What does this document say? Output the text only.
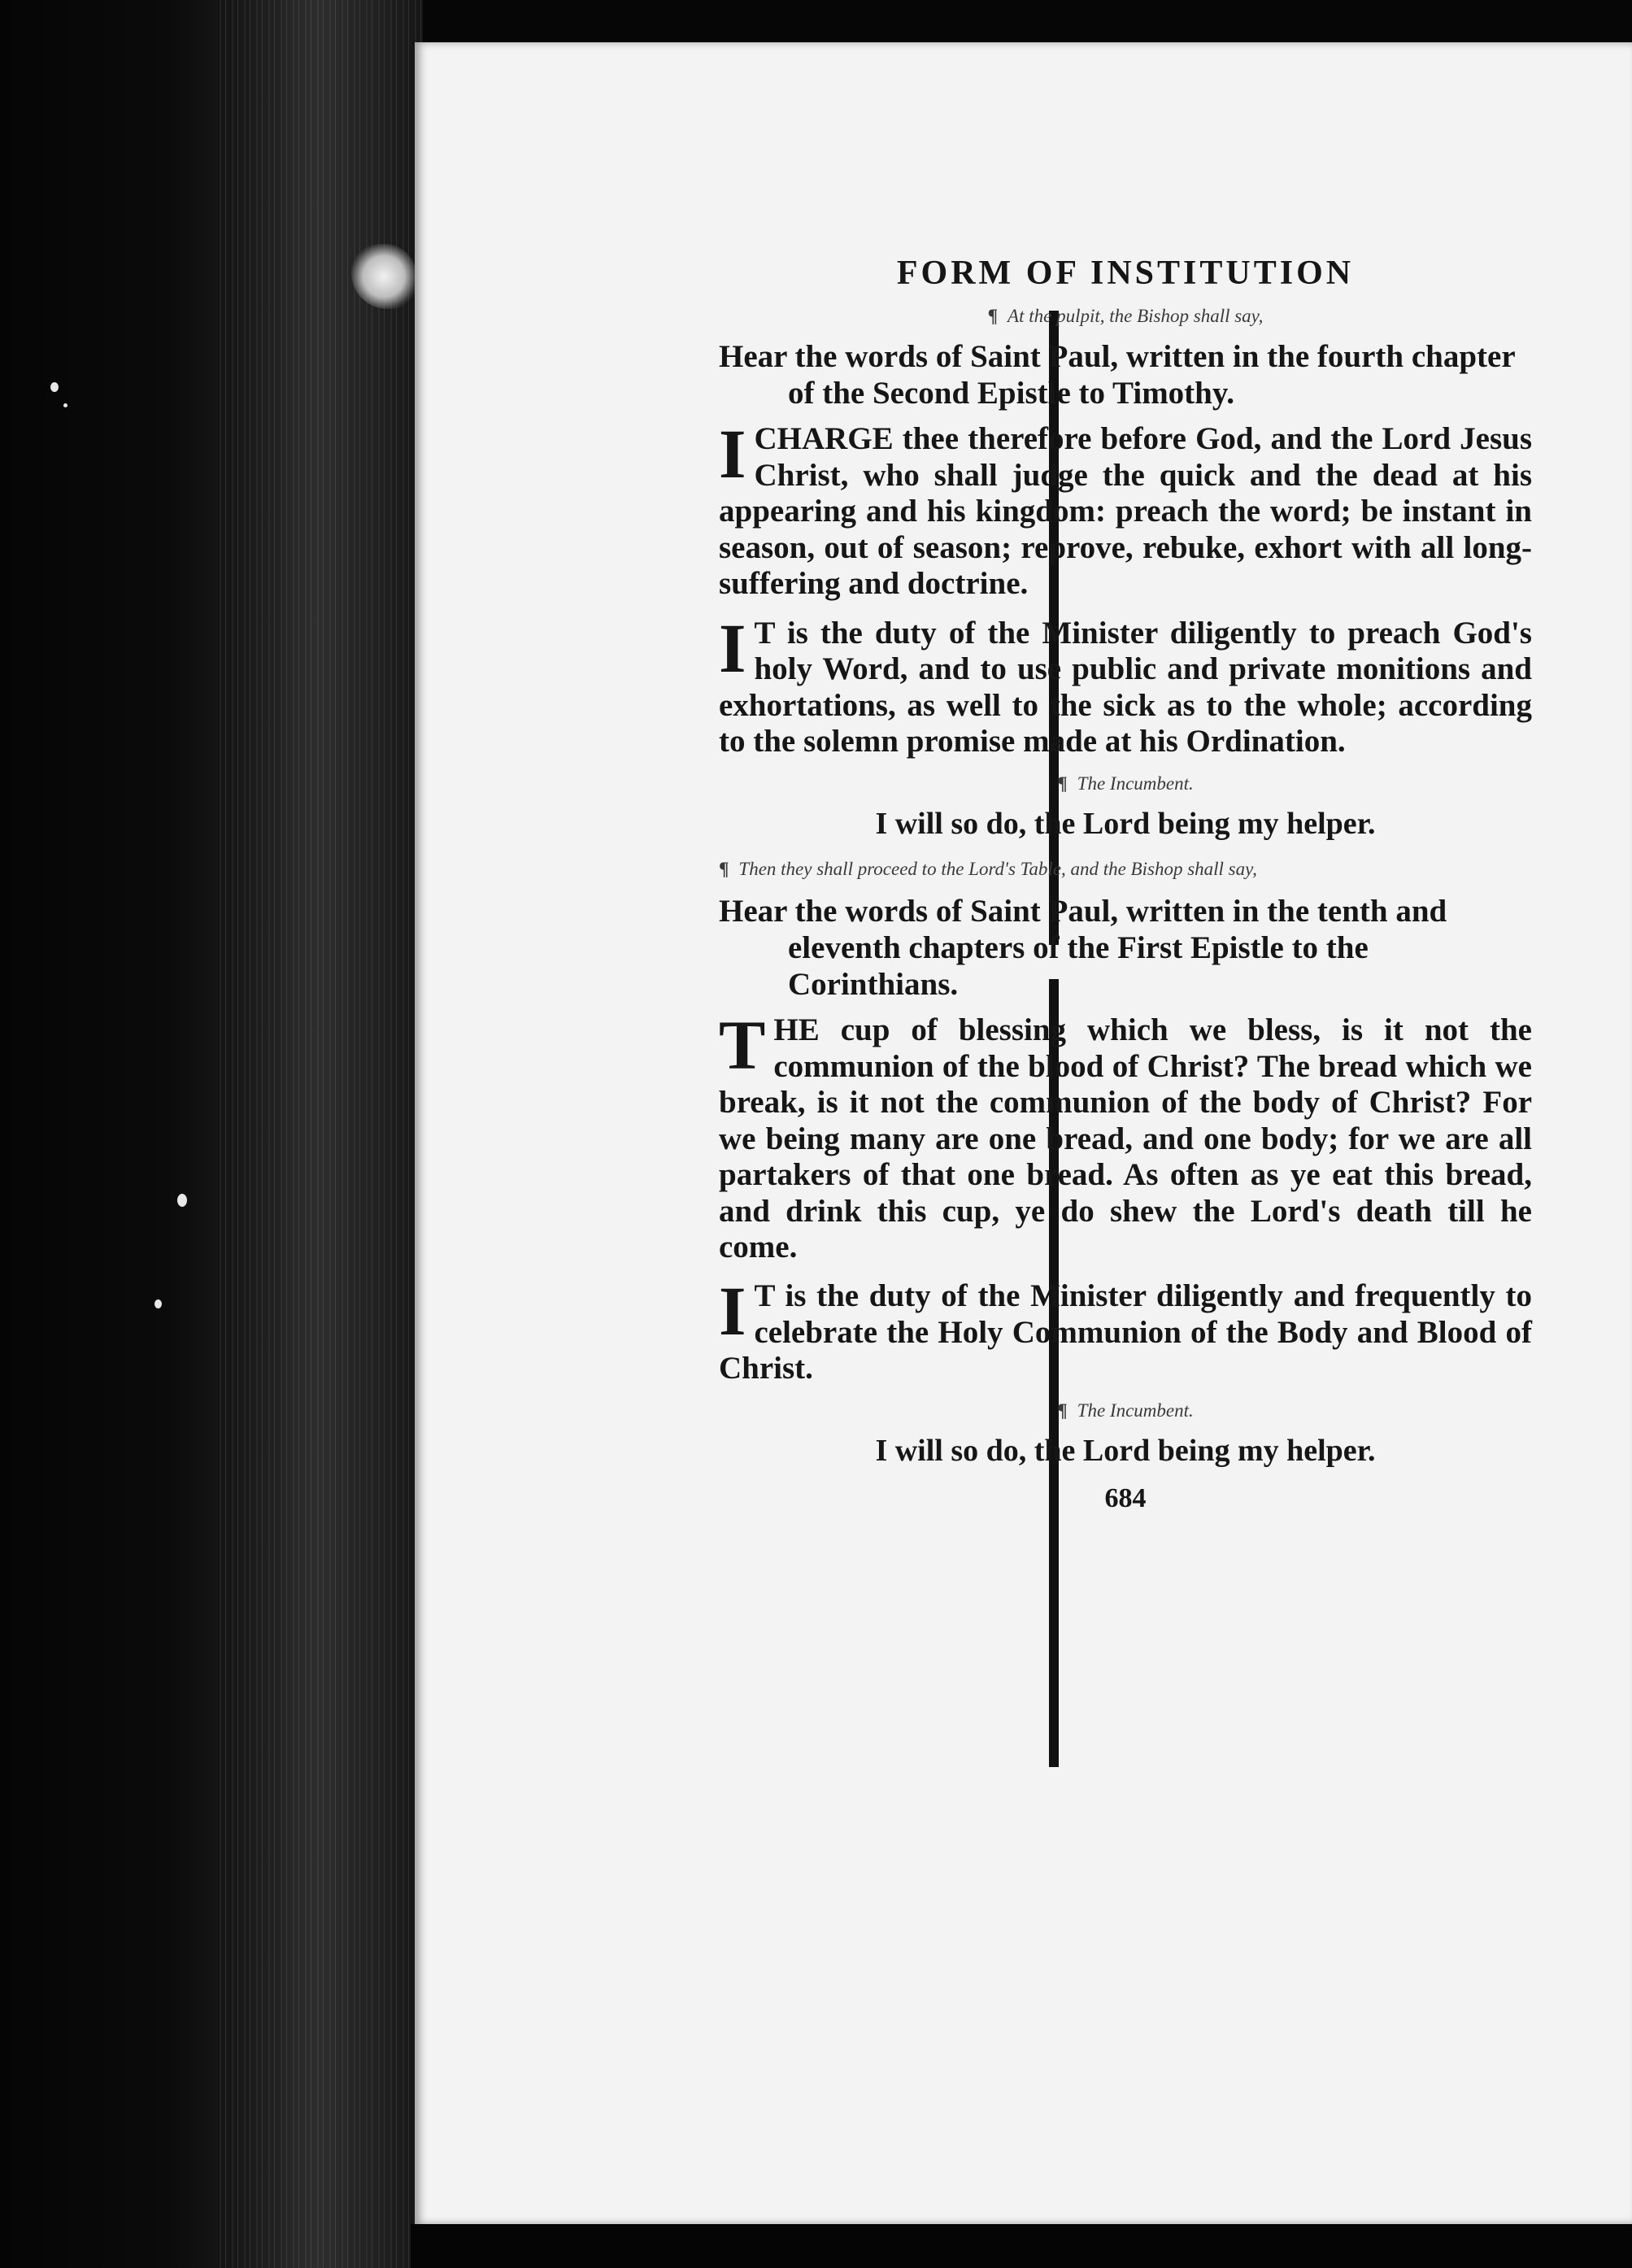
FORM OF INSTITUTION
¶ At the pulpit, the Bishop shall say,
Hear the words of Saint Paul, written in the fourth chapter of the Second Epistle to Timothy.
ICHARGE thee therefore before God, and the Lord Jesus Christ, who shall judge the quick and the dead at his appearing and his kingdom: preach the word; be instant in season, out of season; reprove, rebuke, exhort with all long-suffering and doctrine.
I T is the duty of the Minister diligently to preach God's holy Word, and to use public and private monitions and exhortations, as well to the sick as to the whole; according to the solemn promise made at his Ordination.
¶ The Incumbent.
I will so do, the Lord being my helper.
¶ Then they shall proceed to the Lord's Table, and the Bishop shall say,
Hear the words of Saint Paul, written in the tenth and eleventh chapters of the First Epistle to the Corinthians.
THE cup of blessing which we bless, is it not the communion of the blood of Christ? The bread which we break, is it not the communion of the body of Christ? For we being many are one bread, and one body; for we are all partakers of that one bread. As often as ye eat this bread, and drink this cup, ye do shew the Lord's death till he come.
I T is the duty of the Minister diligently and frequently to celebrate the Holy Communion of the Body and Blood of Christ.
¶ The Incumbent.
I will so do, the Lord being my helper.
684
